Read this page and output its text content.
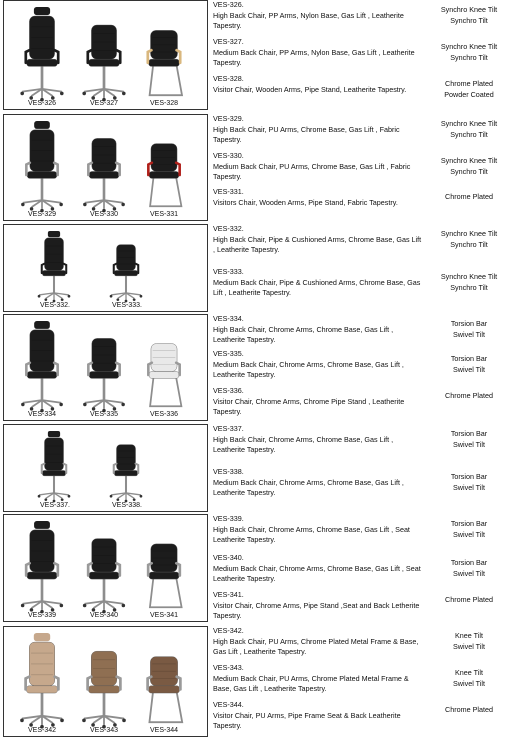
VES-326	VES-327	VES-328
VES-326.
High Back Chair, PP Arms, Nylon Base, Gas Lift , Leatherite Tapestry.
Synchro Knee Tilt
Synchro Tilt
VES-327.
Medium Back Chair, PP Arms, Nylon Base, Gas Lift , Leatherite Tapestry.
Synchro Knee Tilt
Synchro Tilt
VES-328.
Visitor Chair, Wooden Arms, Pipe Stand, Leatherite Tapestry.
Chrome Plated
Powder Coated
VES-329	VES-330	VES-331
VES-329.
High Back Chair, PU Arms, Chrome Base, Gas Lift , Fabric Tapestry.
Synchro Knee Tilt
Synchro Tilt
VES-330.
Medium Back Chair, PU Arms, Chrome Base, Gas Lift , Fabric Tapestry.
Synchro Knee Tilt
Synchro Tilt
VES-331.
Visitors Chair, Wooden Arms, Pipe Stand, Fabric Tapestry.
Chrome Plated
VES-332.	VES-333.
VES-332.
High Back Chair, Pipe & Cushioned Arms, Chrome Base, Gas Lift , Leatherite Tapestry.
Synchro Knee Tilt
Synchro Tilt
VES-333.
Medium Back Chair, Pipe & Cushioned Arms, Chrome Base, Gas Lift , Leatherite Tapestry.
Synchro Knee Tilt
Synchro Tilt
VES-334	VES-335	VES-336
VES-334.
High Back Chair, Chrome Arms, Chrome Base, Gas Lift , Leatherite Tapestry.
Torsion Bar
Swivel Tilt
VES-335.
Medium Back Chair, Chrome Arms, Chrome Base, Gas Lift , Leatherite Tapestry.
Torsion Bar
Swivel Tilt
VES-336.
Visitor Chair, Chrome Arms, Chrome Pipe Stand , Leatherite Tapestry.
Chrome Plated
VES-337.	VES-338.
VES-337.
High Back Chair, Chrome Arms, Chrome Base, Gas Lift , Leatherite Tapestry.
Torsion Bar
Swivel Tilt
VES-338.
Medium Back Chair, Chrome Arms, Chrome Base, Gas Lift , Leatherite Tapestry.
Torsion Bar
Swivel Tilt
VES-339	VES-340	VES-341
VES-339.
High Back Chair, Chrome Arms, Chrome Base, Gas Lift , Seat Leatherite Tapestry.
Torsion Bar
Swivel Tilt
VES-340.
Medium Back Chair, Chrome Arms, Chrome Base, Gas Lift , Seat Leatherite Tapestry.
Torsion Bar
Swivel Tilt
VES-341.
Visitor Chair, Chrome Arms, Pipe Stand ,Seat and Back Letherite Tapestry.
Chrome Plated
VES-342	VES-343	VES-344
VES-342.
High Back Chair, PU Arms, Chrome Plated Metal Frame & Base, Gas Lift , Leatherite Tapestry.
Knee Tilt
Swivel Tilt
VES-343.
Medium Back Chair, PU Arms, Chrome Plated Metal Frame & Base, Gas Lift , Leatherite Tapestry.
Knee Tilt
Swivel Tilt
VES-344.
Visitor Chair, PU Arms, Pipe Frame Seat & Back Leatherite Tapestry.
Chrome Plated
